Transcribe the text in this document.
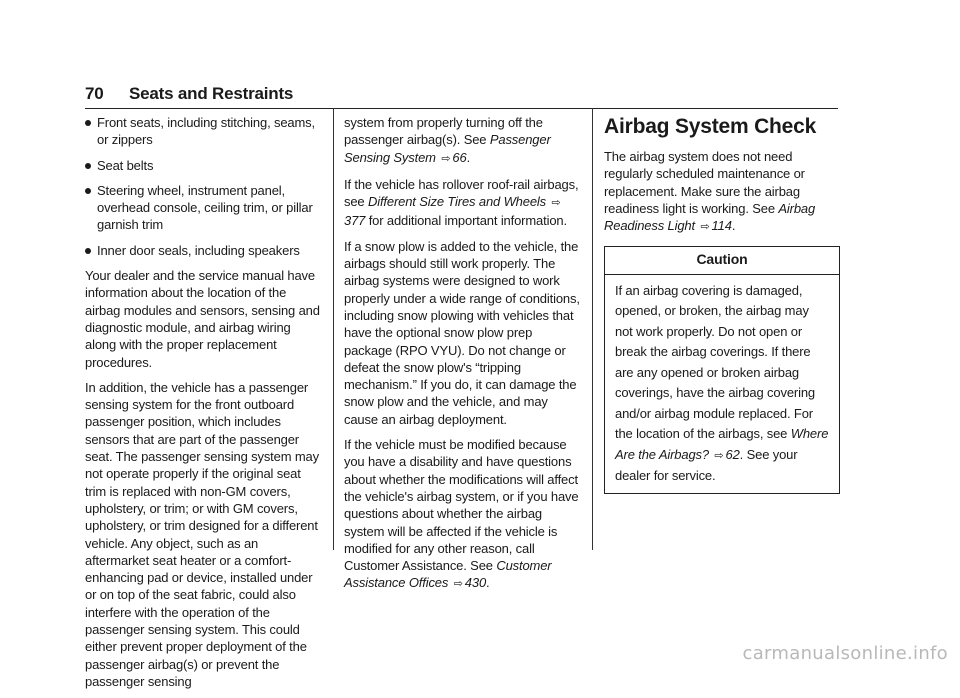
70 Seats and Restraints
Front seats, including stitching, seams, or zippers
Seat belts
Steering wheel, instrument panel, overhead console, ceiling trim, or pillar garnish trim
Inner door seals, including speakers

Your dealer and the service manual have information about the location of the airbag modules and sensors, sensing and diagnostic module, and airbag wiring along with the proper replacement procedures.

In addition, the vehicle has a passenger sensing system for the front outboard passenger position, which includes sensors that are part of the passenger seat. The passenger sensing system may not operate properly if the original seat trim is replaced with non-GM covers, upholstery, or trim; or with GM covers, upholstery, or trim designed for a different vehicle. Any object, such as an aftermarket seat heater or a comfort-enhancing pad or device, installed under or on top of the seat fabric, could also interfere with the operation of the passenger sensing system. This could either prevent proper deployment of the passenger airbag(s) or prevent the passenger sensing

system from properly turning off the passenger airbag(s). See Passenger Sensing System ⇨ 66.

If the vehicle has rollover roof-rail airbags, see Different Size Tires and Wheels ⇨377 for additional important information.

If a snow plow is added to the vehicle, the airbags should still work properly. The airbag systems were designed to work properly under a wide range of conditions, including snow plowing with vehicles that have the optional snow plow prep package (RPO VYU). Do not change or defeat the snow plow's “tripping mechanism.” If you do, it can damage the snow plow and the vehicle, and may cause an airbag deployment.

If the vehicle must be modified because you have a disability and have questions about whether the modifications will affect the vehicle's airbag system, or if you have questions about whether the airbag system will be affected if the vehicle is modified for any other reason, call Customer Assistance. See Customer Assistance Offices ⇨ 430.

Airbag System Check

The airbag system does not need regularly scheduled maintenance or replacement. Make sure the airbag readiness light is working. See Airbag Readiness Light ⇨ 114.

Caution
If an airbag covering is damaged, opened, or broken, the airbag may not work properly. Do not open or break the airbag coverings. If there are any opened or broken airbag coverings, have the airbag covering and/or airbag module replaced. For the location of the airbags, see Where Are the Airbags? ⇨ 62. See your dealer for service.
carmanualsonline.info
